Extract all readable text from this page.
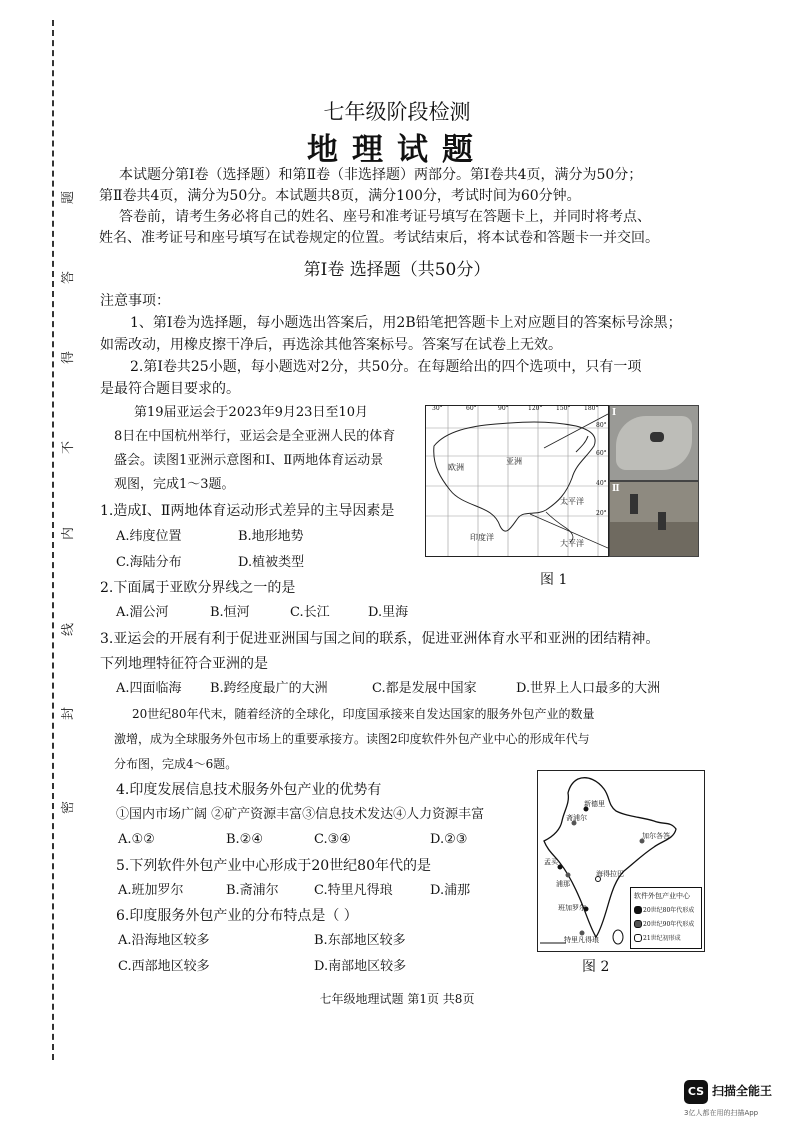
题
答
得
不
内
线
封
密
七年级阶段检测
地理试题
本试题分第Ⅰ卷（选择题）和第Ⅱ卷（非选择题）两部分。第Ⅰ卷共4页，满分为50分；
第Ⅱ卷共4页，满分为50分。本试题共8页，满分100分，考试时间为60分钟。
答卷前，请考生务必将自己的姓名、座号和准考证号填写在答题卡上，并同时将考点、
姓名、准考证号和座号填写在试卷规定的位置。考试结束后，将本试卷和答题卡一并交回。
第Ⅰ卷 选择题（共50分）
注意事项：
1、第Ⅰ卷为选择题，每小题选出答案后，用2B铅笔把答题卡上对应题目的答案标号涂黑；
如需改动，用橡皮擦干净后，再选涂其他答案标号。答案写在试卷上无效。
2.第Ⅰ卷共25小题，每小题选对2分，共50分。在每题给出的四个选项中，只有一项
是最符合题目要求的。
第19届亚运会于2023年9月23日至10月
8日在中国杭州举行，亚运会是全亚洲人民的体育
盛会。读图1亚洲示意图和Ⅰ、Ⅱ两地体育运动景
观图，完成1～3题。
1.造成Ⅰ、Ⅱ两地体育运动形式差异的主导因素是
A.纬度位置	B.地形地势
C.海陆分布	D.植被类型
2.下面属于亚欧分界线之一的是
A.湄公河	B.恒河	C.长江	D.里海
3.亚运会的开展有利于促进亚洲国与国之间的联系，促进亚洲体育水平和亚洲的团结精神。
下列地理特征符合亚洲的是
A.四面临海	B.跨经度最广的大洲	C.都是发展中国家	D.世界上人口最多的大洲
20世纪80年代末，随着经济的全球化，印度国承接来自发达国家的服务外包产业的数量
激增，成为全球服务外包市场上的重要承接方。读图2印度软件外包产业中心的形成年代与
分布图，完成4～6题。
4.印度发展信息技术服务外包产业的优势有
①国内市场广阔 ②矿产资源丰富③信息技术发达④人力资源丰富
A.①②	B.②④	C.③④	D.②③
5.下列软件外包产业中心形成于20世纪80年代的是
A.班加罗尔	B.斋浦尔	C.特里凡得琅	D.浦那
6.印度服务外包产业的分布特点是（ ）
A.沿海地区较多	B.东部地区较多
C.西部地区较多	D.南部地区较多
30°	60°	90°	120° 150° 180°
80°
60°
40°
20°
欧洲
亚洲
印度洋
太平洋
大平洋
Ⅰ
Ⅱ
图 1
新德里
斋浦尔
加尔各答
孟买
浦那
海得拉巴
班加罗尔
特里凡得琅
软件外包产业中心
20世纪80年代形成
20世纪90年代形成
21世纪初形成
图 2
七年级地理试题 第1页 共8页
CS 扫描全能王
3亿人都在用的扫描App
